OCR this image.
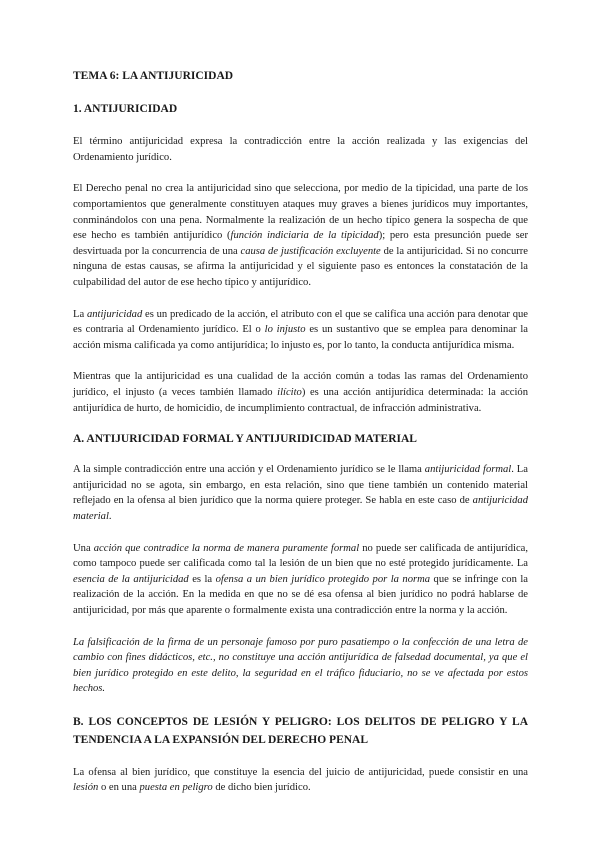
TEMA 6: LA ANTIJURICIDAD

1. ANTIJURICIDAD

El término antijuricidad expresa la contradicción entre la acción realizada y las exigencias del Ordenamiento jurídico.

El Derecho penal no crea la antijuricidad sino que selecciona, por medio de la tipicidad, una parte de los comportamientos que generalmente constituyen ataques muy graves a bienes jurídicos muy importantes, conminándolos con una pena. Normalmente la realización de un hecho típico genera la sospecha de que ese hecho es también antijurídico (función indiciaria de la tipicidad); pero esta presunción puede ser desvirtuada por la concurrencia de una causa de justificación excluyente de la antijuricidad. Si no concurre ninguna de estas causas, se afirma la antijuricidad y el siguiente paso es entonces la constatación de la culpabilidad del autor de ese hecho típico y antijurídico.

La antijuricidad es un predicado de la acción, el atributo con el que se califica una acción para denotar que es contraria al Ordenamiento jurídico. El o lo injusto es un sustantivo que se emplea para denominar la acción misma calificada ya como antijurídica; lo injusto es, por lo tanto, la conducta antijurídica misma.

Mientras que la antijuricidad es una cualidad de la acción común a todas las ramas del Ordenamiento jurídico, el injusto (a veces también llamado ilícito) es una acción antijurídica determinada: la acción antijurídica de hurto, de homicidio, de incumplimiento contractual, de infracción administrativa.

A. ANTIJURICIDAD FORMAL Y ANTIJURIDICIDAD MATERIAL

A la simple contradicción entre una acción y el Ordenamiento jurídico se le llama antijuricidad formal. La antijuricidad no se agota, sin embargo, en esta relación, sino que tiene también un contenido material reflejado en la ofensa al bien jurídico que la norma quiere proteger. Se habla en este caso de antijuricidad material.

Una acción que contradice la norma de manera puramente formal no puede ser calificada de antijurídica, como tampoco puede ser calificada como tal la lesión de un bien que no esté protegido jurídicamente. La esencia de la antijuricidad es la ofensa a un bien jurídico protegido por la norma que se infringe con la realización de la acción. En la medida en que no se dé esa ofensa al bien jurídico no podrá hablarse de antijuricidad, por más que aparente o formalmente exista una contradicción entre la norma y la acción.

La falsificación de la firma de un personaje famoso por puro pasatiempo o la confección de una letra de cambio con fines didácticos, etc., no constituye una acción antijurídica de falsedad documental, ya que el bien jurídico protegido en este delito, la seguridad en el tráfico fiduciario, no se ve afectada por estos hechos.

B. LOS CONCEPTOS DE LESIÓN Y PELIGRO: LOS DELITOS DE PELIGRO Y LA TENDENCIA A LA EXPANSIÓN DEL DERECHO PENAL

La ofensa al bien jurídico, que constituye la esencia del juicio de antijuricidad, puede consistir en una lesión o en una puesta en peligro de dicho bien jurídico.
